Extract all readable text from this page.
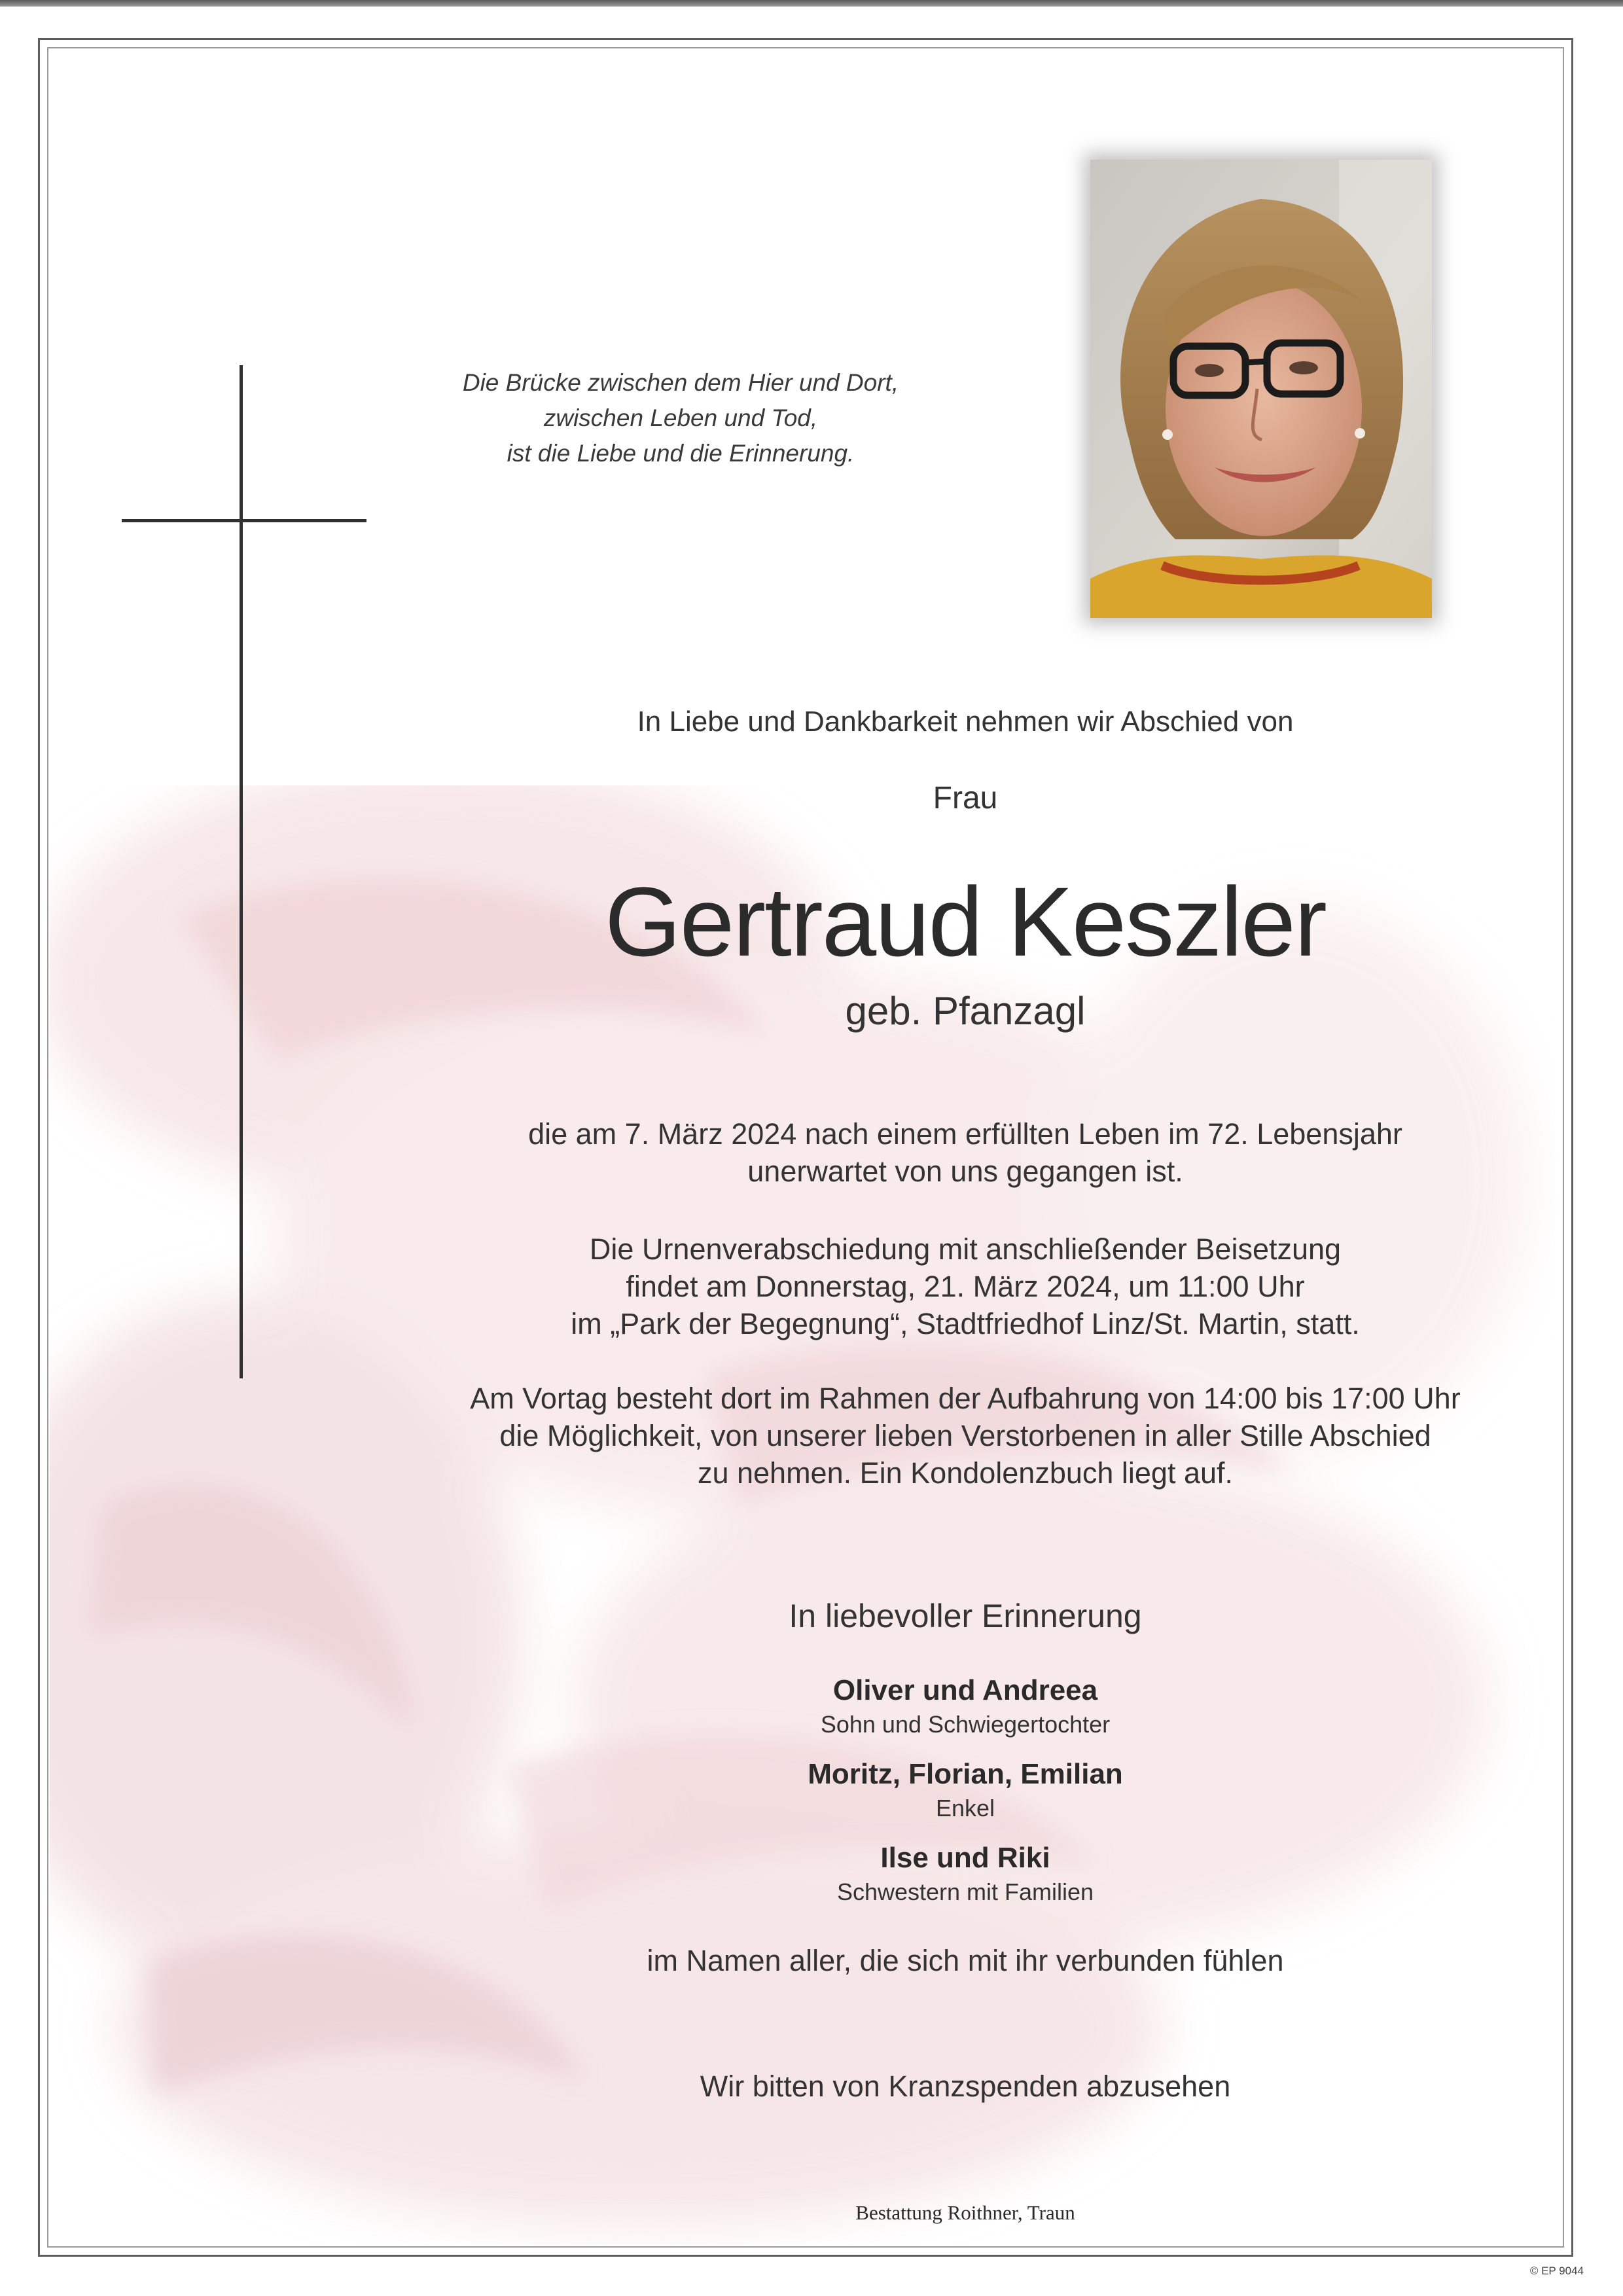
Die Brücke zwischen dem Hier und Dort,
zwischen Leben und Tod,
ist die Liebe und die Erinnerung.
In Liebe und Dankbarkeit nehmen wir Abschied von
Frau
Gertraud Keszler
geb. Pfanzagl
die am 7. März 2024 nach einem erfüllten Leben im 72. Lebensjahr
unerwartet von uns gegangen ist.
Die Urnenverabschiedung mit anschließender Beisetzung
findet am Donnerstag, 21. März 2024, um 11:00 Uhr
im „Park der Begegnung“, Stadtfriedhof Linz/St. Martin, statt.
Am Vortag besteht dort im Rahmen der Aufbahrung von 14:00 bis 17:00 Uhr
die Möglichkeit, von unserer lieben Verstorbenen in aller Stille Abschied
zu nehmen. Ein Kondolenzbuch liegt auf.
In liebevoller Erinnerung
Oliver und Andreea
Sohn und Schwiegertochter
Moritz, Florian, Emilian
Enkel
Ilse und Riki
Schwestern mit Familien
im Namen aller, die sich mit ihr verbunden fühlen
Wir bitten von Kranzspenden abzusehen
Bestattung Roithner, Traun
© EP 9044
